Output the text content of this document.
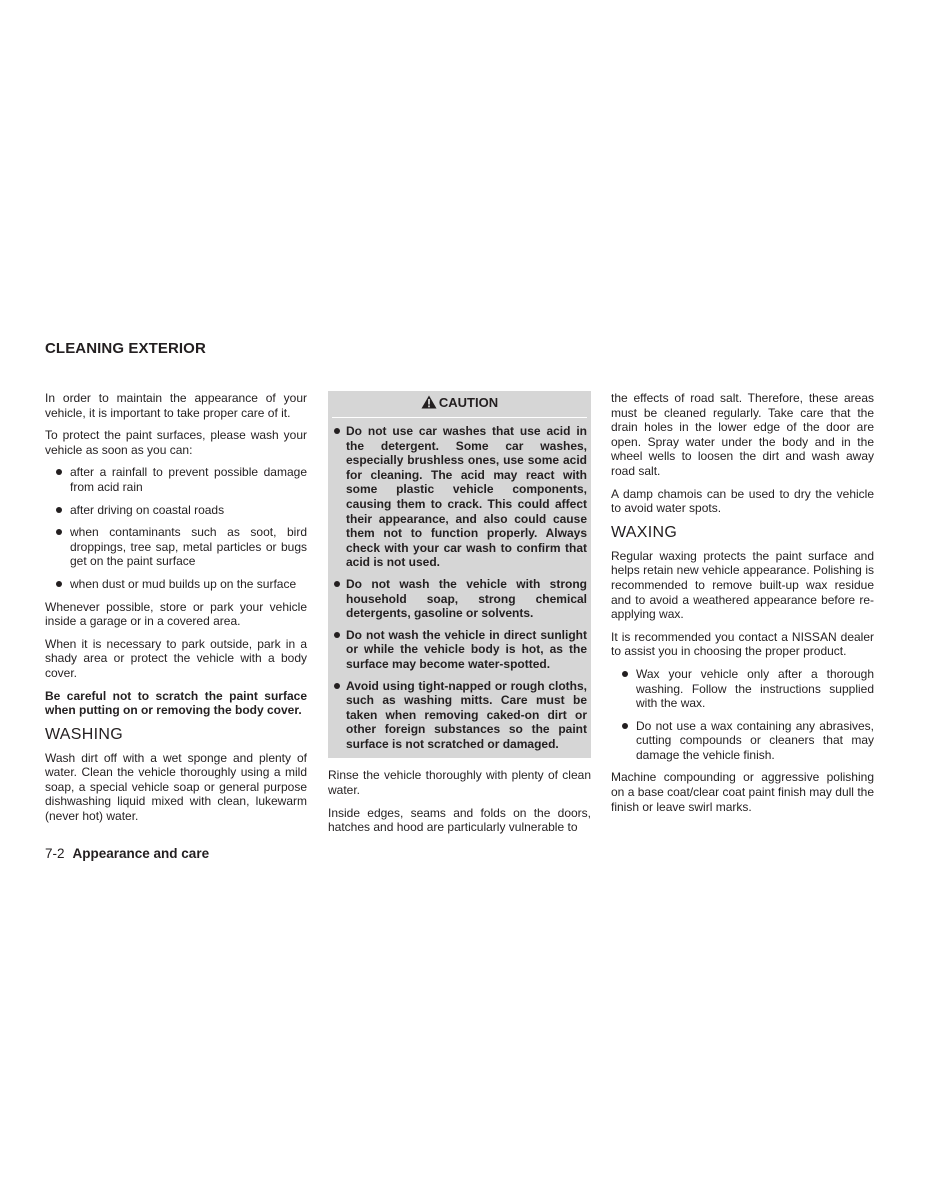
CLEANING EXTERIOR

In order to maintain the appearance of your vehicle, it is important to take proper care of it.

To protect the paint surfaces, please wash your vehicle as soon as you can:

after a rainfall to prevent possible damage from acid rain
after driving on coastal roads
when contaminants such as soot, bird droppings, tree sap, metal particles or bugs get on the paint surface
when dust or mud builds up on the surface

Whenever possible, store or park your vehicle inside a garage or in a covered area.

When it is necessary to park outside, park in a shady area or protect the vehicle with a body cover.

Be careful not to scratch the paint surface when putting on or removing the body cover.

WASHING

Wash dirt off with a wet sponge and plenty of water. Clean the vehicle thoroughly using a mild soap, a special vehicle soap or general purpose dishwashing liquid mixed with clean, lukewarm (never hot) water.

CAUTION
Do not use car washes that use acid in the detergent. Some car washes, especially brushless ones, use some acid for cleaning. The acid may react with some plastic vehicle components, causing them to crack. This could affect their appearance, and also could cause them not to function properly. Always check with your car wash to confirm that acid is not used.
Do not wash the vehicle with strong household soap, strong chemical detergents, gasoline or solvents.
Do not wash the vehicle in direct sunlight or while the vehicle body is hot, as the surface may become water-spotted.
Avoid using tight-napped or rough cloths, such as washing mitts. Care must be taken when removing caked-on dirt or other foreign substances so the paint surface is not scratched or damaged.

Rinse the vehicle thoroughly with plenty of clean water.

Inside edges, seams and folds on the doors, hatches and hood are particularly vulnerable to

the effects of road salt. Therefore, these areas must be cleaned regularly. Take care that the drain holes in the lower edge of the door are open. Spray water under the body and in the wheel wells to loosen the dirt and wash away road salt.

A damp chamois can be used to dry the vehicle to avoid water spots.

WAXING

Regular waxing protects the paint surface and helps retain new vehicle appearance. Polishing is recommended to remove built-up wax residue and to avoid a weathered appearance before re-applying wax.

It is recommended you contact a NISSAN dealer to assist you in choosing the proper product.

Wax your vehicle only after a thorough washing. Follow the instructions supplied with the wax.
Do not use a wax containing any abrasives, cutting compounds or cleaners that may damage the vehicle finish.

Machine compounding or aggressive polishing on a base coat/clear coat paint finish may dull the finish or leave swirl marks.

7-2 Appearance and care
